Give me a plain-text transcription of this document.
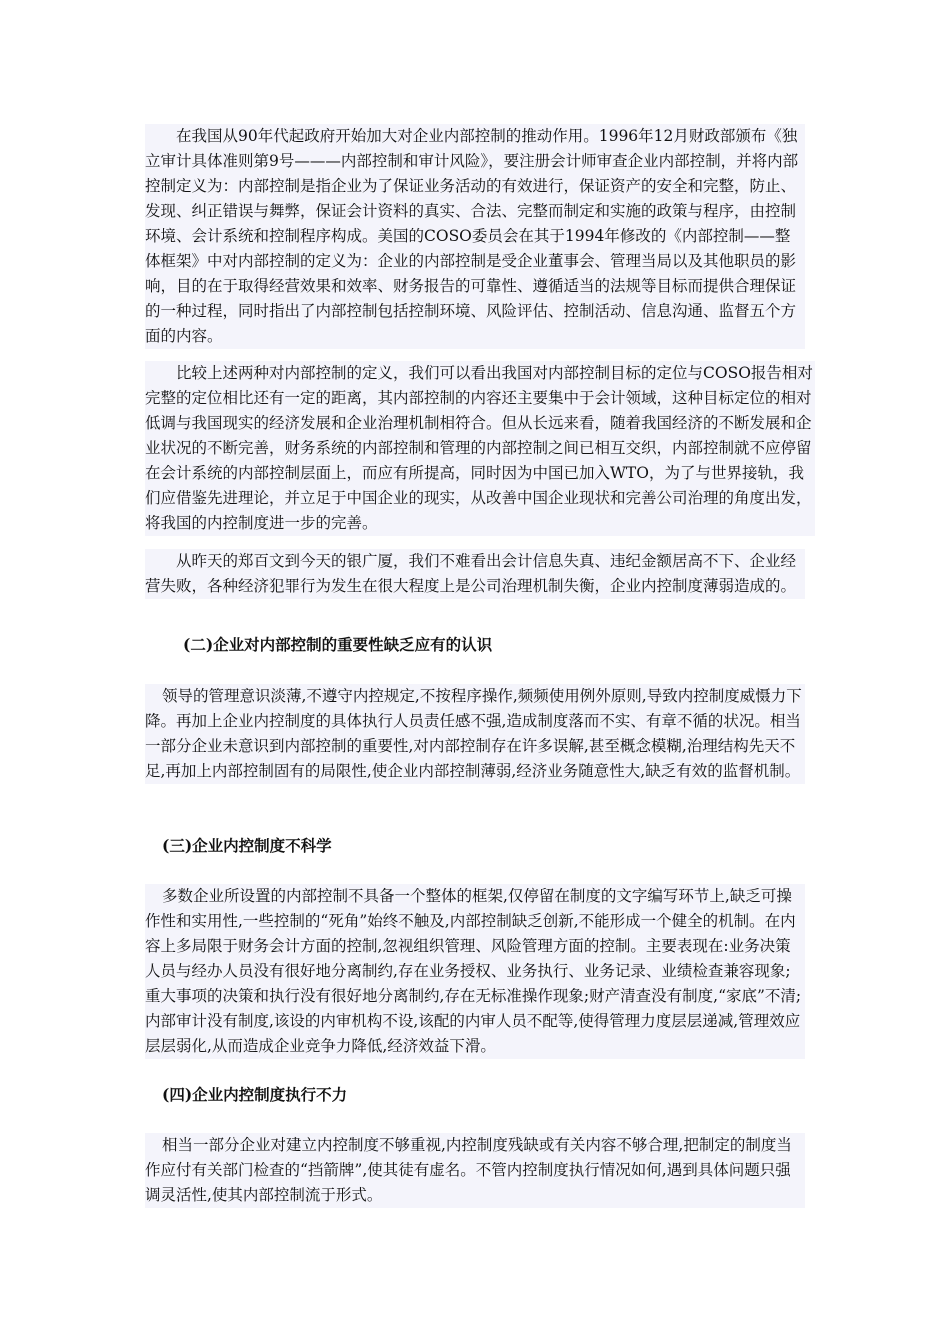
在我国从90年代起政府开始加大对企业内部控制的推动作用。1996年12月财政部颁布《独立审计具体准则第9号———内部控制和审计风险》，要注册会计师审查企业内部控制，并将内部控制定义为：内部控制是指企业为了保证业务活动的有效进行，保证资产的安全和完整，防止、发现、纠正错误与舞弊，保证会计资料的真实、合法、完整而制定和实施的政策与程序，由控制环境、会计系统和控制程序构成。美国的COSO委员会在其于1994年修改的《内部控制——整体框架》中对内部控制的定义为：企业的内部控制是受企业董事会、管理当局以及其他职员的影响，目的在于取得经营效果和效率、财务报告的可靠性、遵循适当的法规等目标而提供合理保证的一种过程，同时指出了内部控制包括控制环境、风险评估、控制活动、信息沟通、监督五个方面的内容。

比较上述两种对内部控制的定义，我们可以看出我国对内部控制目标的定位与COSO报告相对完整的定位相比还有一定的距离，其内部控制的内容还主要集中于会计领域，这种目标定位的相对低调与我国现实的经济发展和企业治理机制相符合。但从长远来看，随着我国经济的不断发展和企业状况的不断完善，财务系统的内部控制和管理的内部控制之间已相互交织，内部控制就不应停留在会计系统的内部控制层面上，而应有所提高，同时因为中国已加入WTO，为了与世界接轨，我们应借鉴先进理论，并立足于中国企业的现实，从改善中国企业现状和完善公司治理的角度出发，将我国的内控制度进一步的完善。

从昨天的郑百文到今天的银广厦，我们不难看出会计信息失真、违纪金额居高不下、企业经营失败，各种经济犯罪行为发生在很大程度上是公司治理机制失衡，企业内控制度薄弱造成的。

(二)企业对内部控制的重要性缺乏应有的认识

领导的管理意识淡薄,不遵守内控规定,不按程序操作,频频使用例外原则,导致内控制度威慑力下降。再加上企业内控制度的具体执行人员责任感不强,造成制度落而不实、有章不循的状况。相当一部分企业未意识到内部控制的重要性,对内部控制存在许多误解,甚至概念模糊,治理结构先天不足,再加上内部控制固有的局限性,使企业内部控制薄弱,经济业务随意性大,缺乏有效的监督机制。

(三)企业内控制度不科学

多数企业所设置的内部控制不具备一个整体的框架,仅停留在制度的文字编写环节上,缺乏可操作性和实用性,一些控制的“死角”始终不触及,内部控制缺乏创新,不能形成一个健全的机制。在内容上多局限于财务会计方面的控制,忽视组织管理、风险管理方面的控制。主要表现在:业务决策人员与经办人员没有很好地分离制约,存在业务授权、业务执行、业务记录、业绩检查兼容现象;重大事项的决策和执行没有很好地分离制约,存在无标准操作现象;财产清查没有制度,“家底”不清;内部审计没有制度,该设的内审机构不设,该配的内审人员不配等,使得管理力度层层递减,管理效应层层弱化,从而造成企业竞争力降低,经济效益下滑。

(四)企业内控制度执行不力

相当一部分企业对建立内控制度不够重视,内控制度残缺或有关内容不够合理,把制定的制度当作应付有关部门检查的“挡箭牌”,使其徒有虚名。不管内控制度执行情况如何,遇到具体问题只强调灵活性,使其内部控制流于形式。
